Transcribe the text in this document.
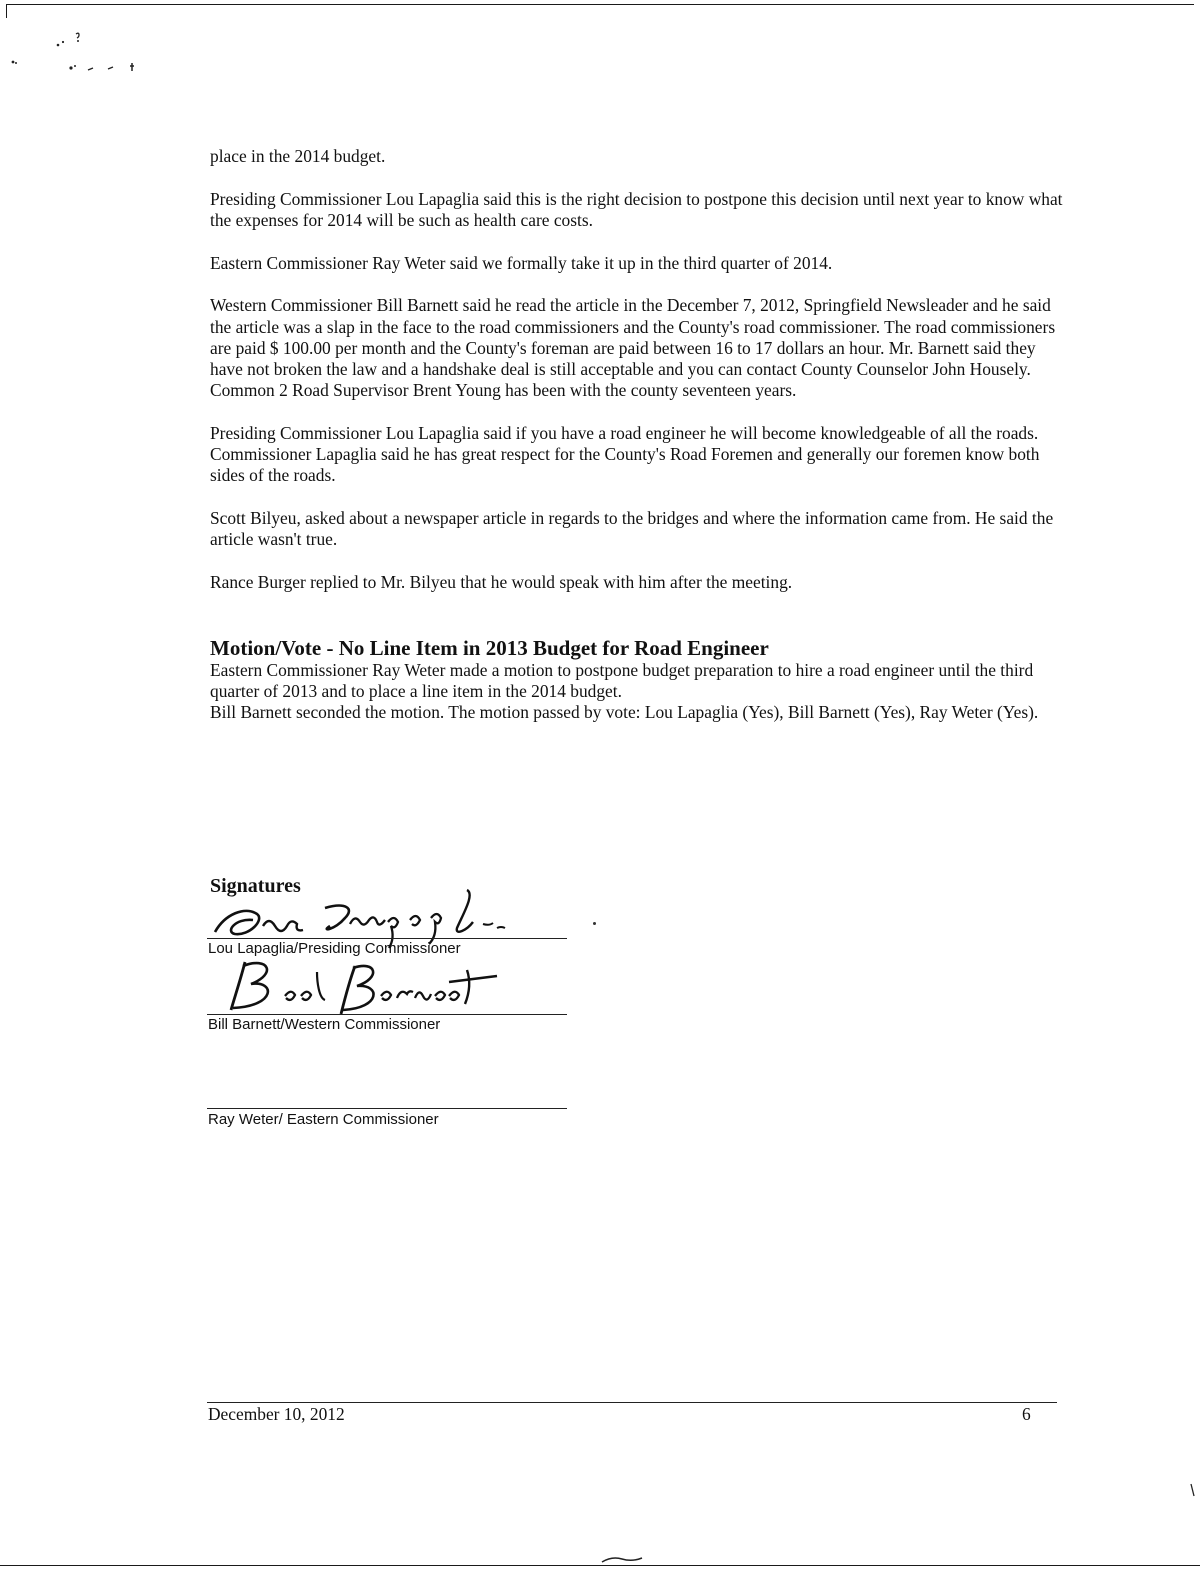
place in the 2014 budget.

Presiding Commissioner Lou Lapaglia said this is the right decision to postpone this decision until next year to know what the expenses for 2014 will be such as health care costs.

Eastern Commissioner Ray Weter said we formally take it up in the third quarter of 2014.

Western Commissioner Bill Barnett said he read the article in the December 7, 2012, Springfield Newsleader and he said the article was a slap in the face to the road commissioners and the County's road commissioner. The road commissioners are paid $ 100.00 per month and the County's foreman are paid between 16 to 17 dollars an hour. Mr. Barnett said they have not broken the law and a handshake deal is still acceptable and you can contact County Counselor John Housely. Common 2 Road Supervisor Brent Young has been with the county seventeen years.

Presiding Commissioner Lou Lapaglia said if you have a road engineer he will become knowledgeable of all the roads. Commissioner Lapaglia said he has great respect for the County's Road Foremen and generally our foremen know both sides of the roads.

Scott Bilyeu, asked about a newspaper article in regards to the bridges and where the information came from. He said the article wasn't true.

Rance Burger replied to Mr. Bilyeu that he would speak with him after the meeting.

Motion/Vote - No Line Item in 2013 Budget for Road Engineer

Eastern Commissioner Ray Weter made a motion to postpone budget preparation to hire a road engineer until the third quarter of 2013 and to place a line item in the 2014 budget.

Bill Barnett seconded the motion. The motion passed by vote: Lou Lapaglia (Yes), Bill Barnett (Yes), Ray Weter (Yes).

Signatures
Lou Lapaglia/Presiding Commissioner
Bill Barnett/Western Commissioner
Ray Weter/ Eastern Commissioner
December 10, 2012	6
